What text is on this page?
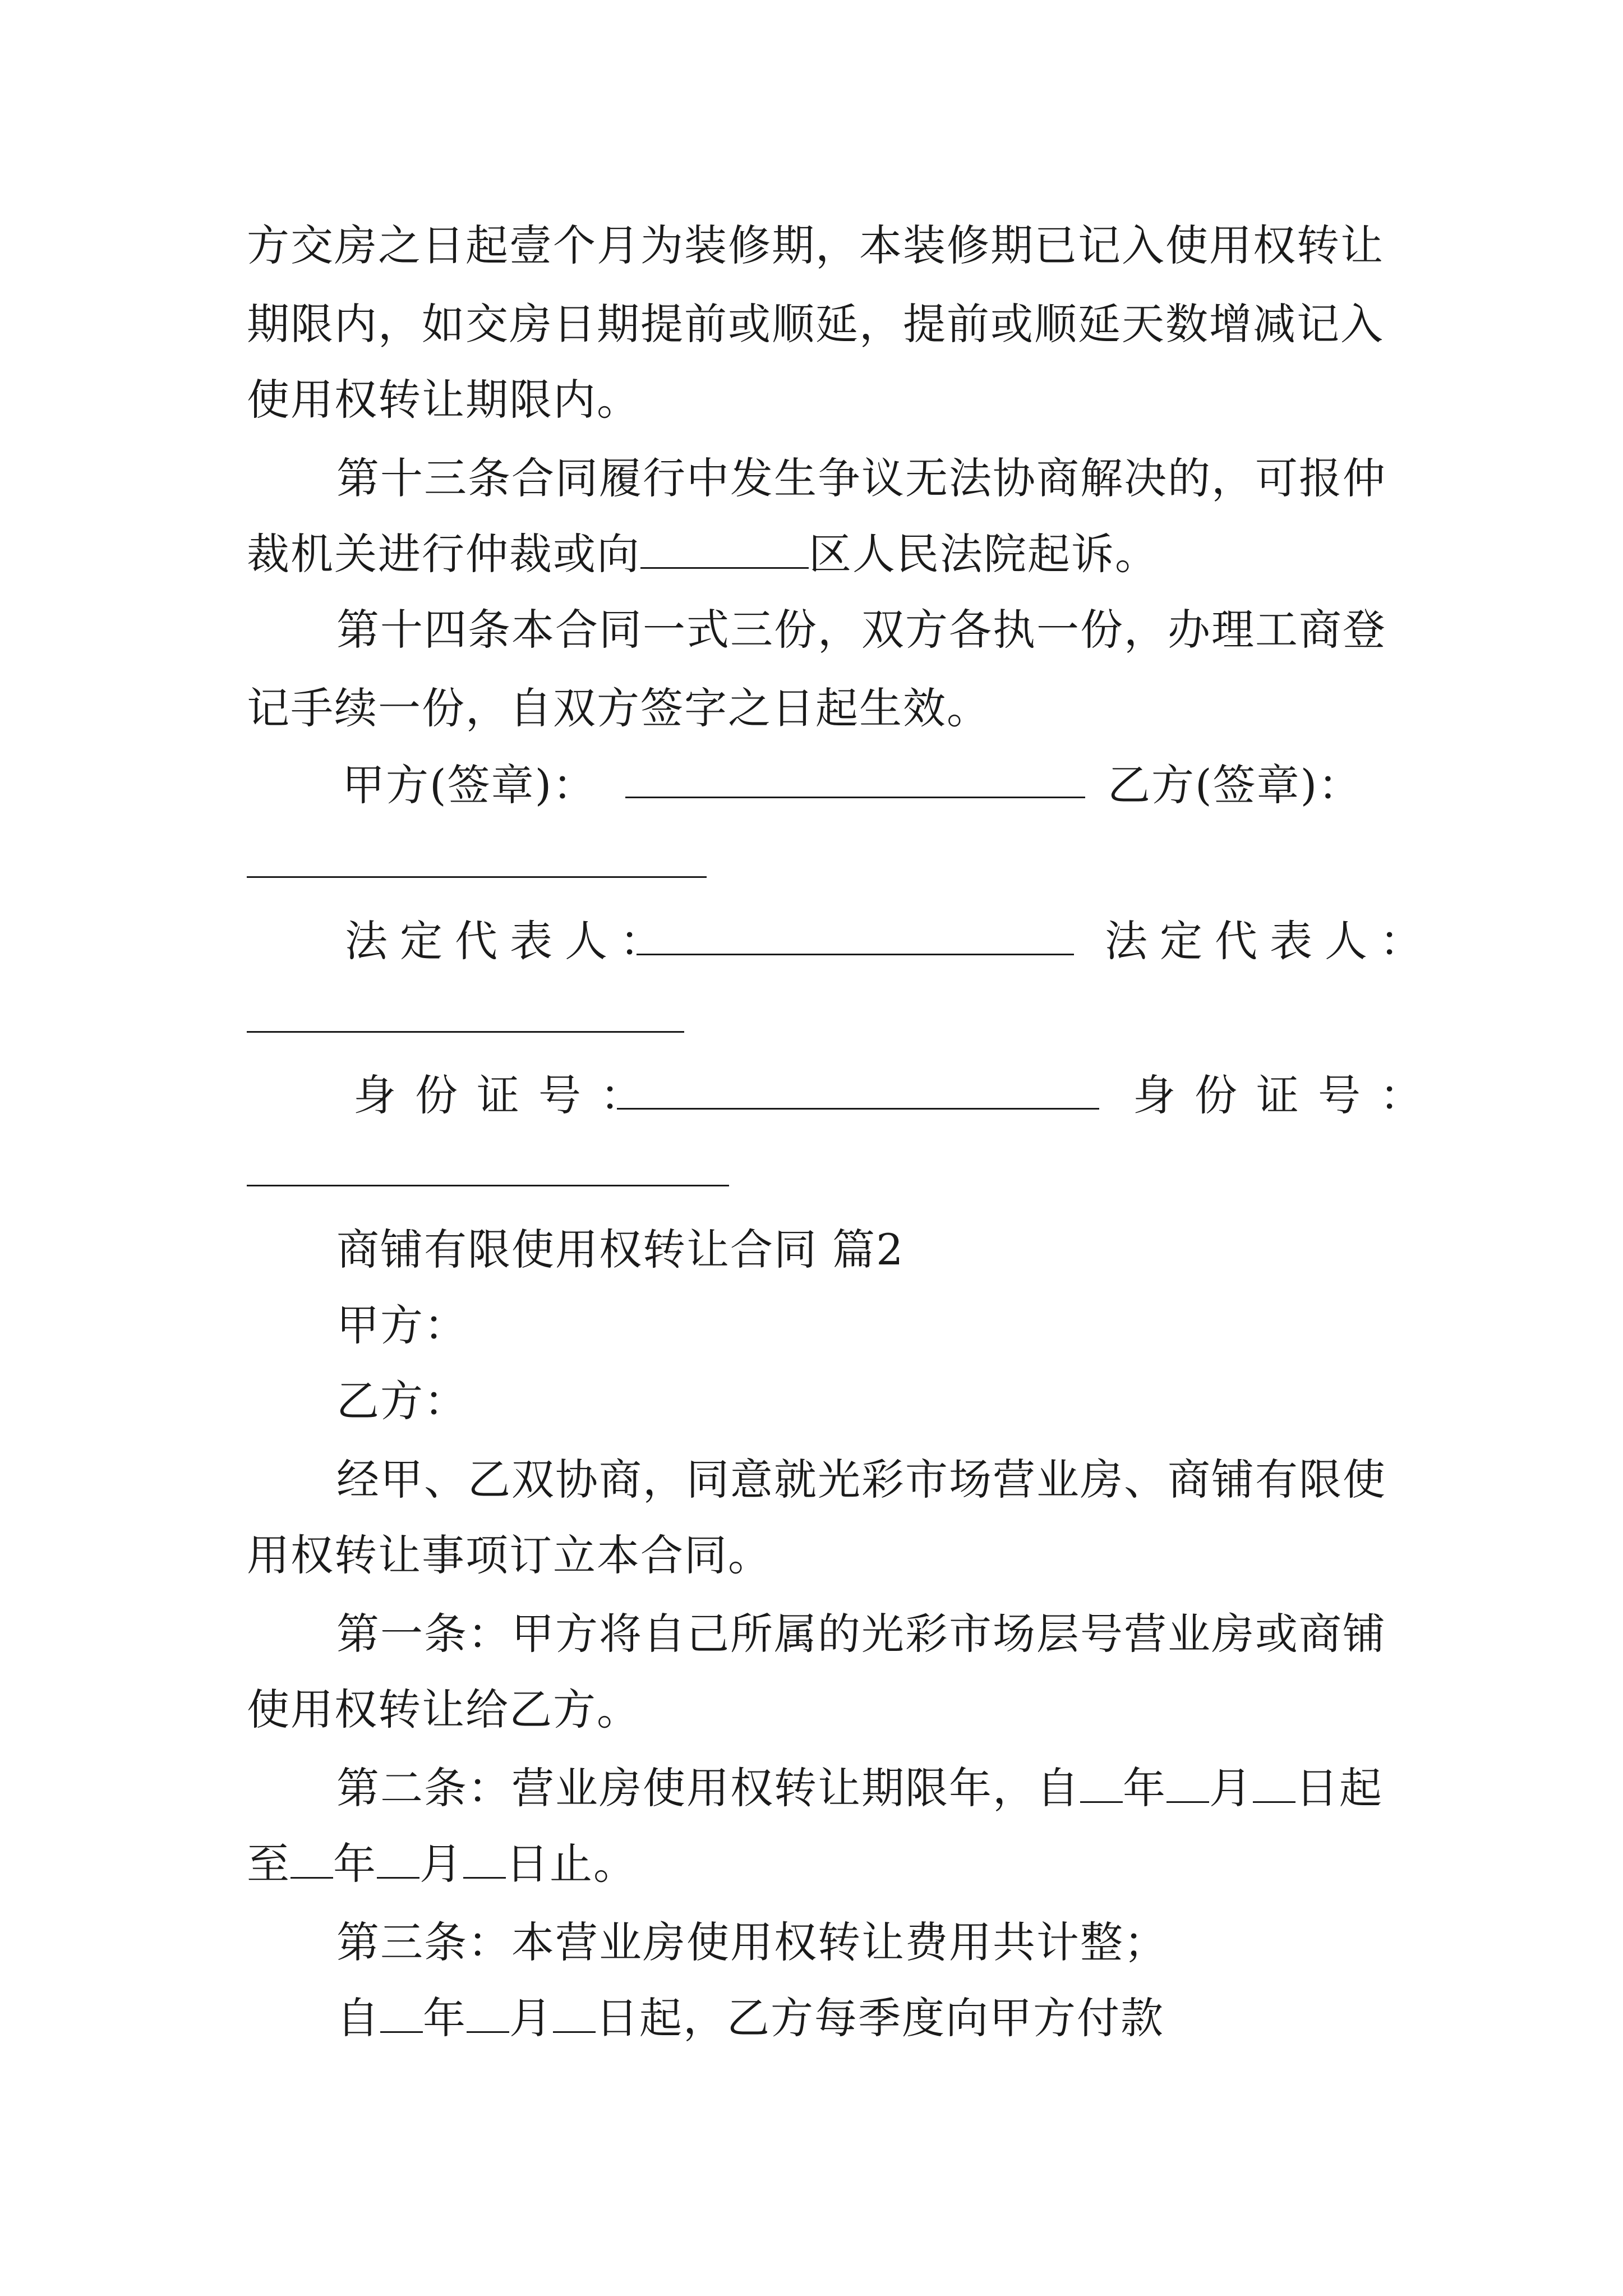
方交房之日起壹个月为装修期，本装修期已记入使用权转让
期限内，如交房日期提前或顺延，提前或顺延天数增减记入
使用权转让期限内。
第十三条合同履行中发生争议无法协商解决的，可报仲
裁机关进行仲裁或向	区人民法院起诉。
第十四条本合同一式三份，双方各执一份，办理工商登
记手续一份，自双方签字之日起生效。
甲方(签章)：	乙方(签章)：
法定代表人：	法定代表人：
身份证号：	身份证号：
商铺有限使用权转让合同 篇2
甲方：
乙方：
经甲、乙双协商，同意就光彩市场营业房、商铺有限使
用权转让事项订立本合同。
第一条：甲方将自己所属的光彩市场层号营业房或商铺
使用权转让给乙方。
第二条：营业房使用权转让期限年，自 年 月 日起
至 年 月 日止。
第三条：本营业房使用权转让费用共计整；
自 年 月 日起，乙方每季度向甲方付款
